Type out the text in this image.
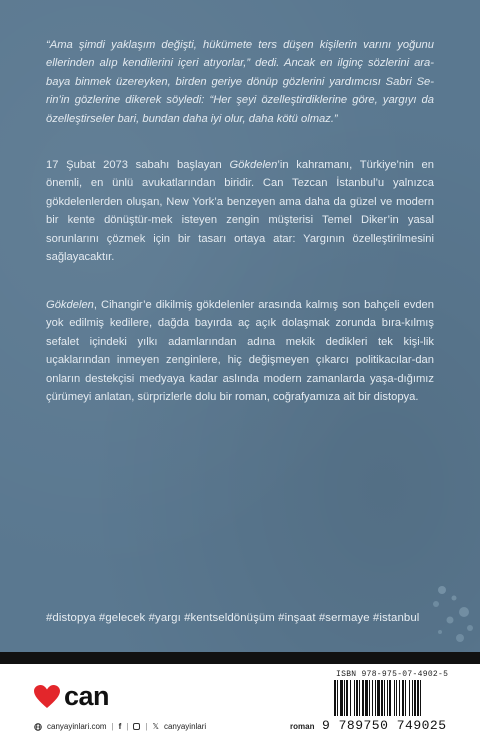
“Ama şimdi yaklaşım değişti, hükümete ters düşen kişilerin varını yoğunu ellerinden alıp kendilerini içeri atıyorlar,” dedi. Ancak en ilginç sözlerini ara-baya binmek üzereyken, birden geriye dönüp gözlerini yardımcısı Sabri Se-rin’in gözlerine dikerek söyledi: “Her şeyi özelleştirdiklerine göre, yargıyı da özelleştirseler bari, bundan daha iyi olur, daha kötü olmaz.”

17 Şubat 2073 sabahı başlayan Gökdelen’in kahramanı, Türkiye’nin en önemli, en ünlü avukatlarından biridir. Can Tezcan İstanbul’u yalnızca gökdelenlerden oluşan, New York’a benzeyen ama daha da güzel ve modern bir kente dönüştür-mek isteyen zengin müşterisi Temel Diker’in yasal sorunlarını çözmek için bir tasarı ortaya atar: Yargının özelleştirilmesini sağlayacaktır.

Gökdelen, Cihangir’e dikilmiş gökdelenler arasında kalmış son bahçeli evden yok edilmiş kedilere, dağda bayırda aç açık dolaşmak zorunda bıra-kılmış sefalet içindeki yılkı adamlarından adına mekik dedikleri tek kişi-lik uçaklarından inmeyen zenginlere, hiç değişmeyen çıkarcı politikacılar-dan onların destekçisi medyaya kadar aslında modern zamanlarda yaşa-dığımız çürümeyi anlatan, sürprizlerle dolu bir roman, coğrafyamıza ait bir distopya.

#distopya #gelecek #yargı #kentseldönüşüm #inşaat #sermaye #istanbul
can
canyayinlari.com | f | | 𝕏 canyayinlari	roman
ISBN 978-975-07-4902-5
9 789750 749025
